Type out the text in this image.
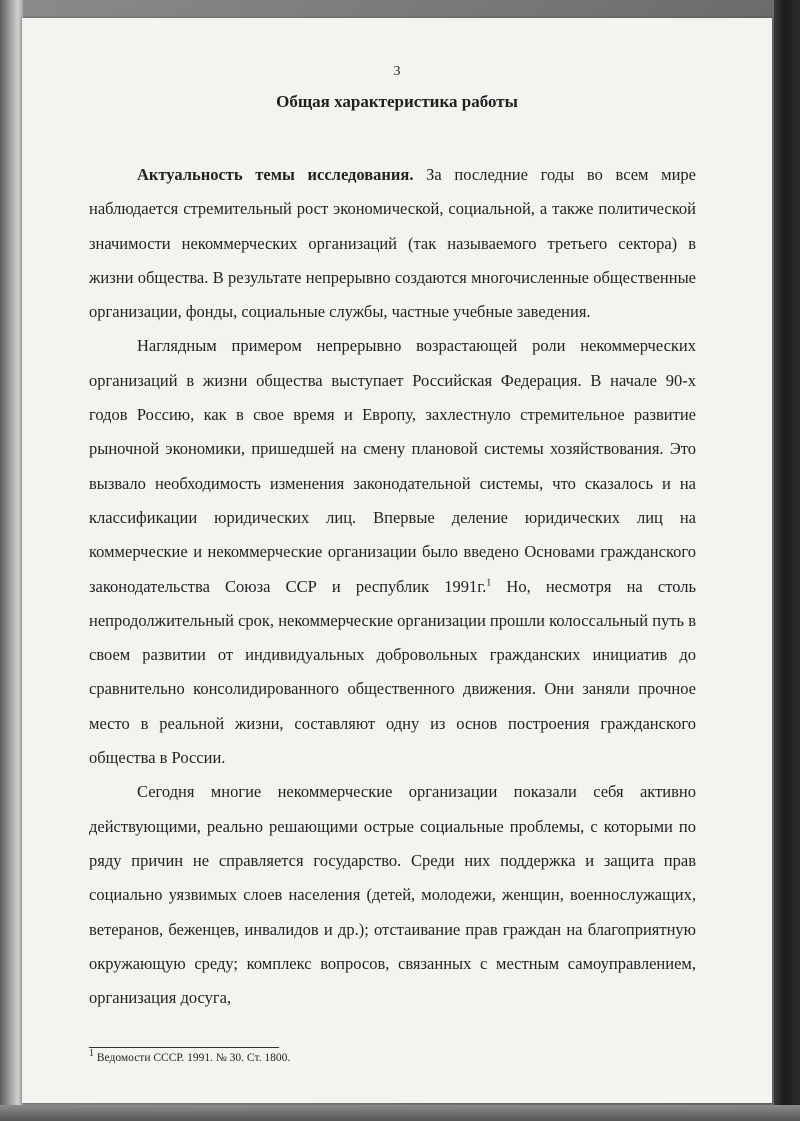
3
Общая характеристика работы

Актуальность темы исследования. За последние годы во всем мире наблюдается стремительный рост экономической, социальной, а также политической значимости некоммерческих организаций (так называемого третьего сектора) в жизни общества. В результате непрерывно создаются многочисленные общественные организации, фонды, социальные службы, частные учебные заведения.

Наглядным примером непрерывно возрастающей роли некоммерческих организаций в жизни общества выступает Российская Федерация. В начале 90-х годов Россию, как в свое время и Европу, захлестнуло стремительное развитие рыночной экономики, пришедшей на смену плановой системы хозяйствования. Это вызвало необходимость изменения законодательной системы, что сказалось и на классификации юридических лиц. Впервые деление юридических лиц на коммерческие и некоммерческие организации было введено Основами гражданского законодательства Союза ССР и республик 1991г.$^1$ Но, несмотря на столь непродолжительный срок, некоммерческие организации прошли колоссальный путь в своем развитии от индивидуальных добровольных гражданских инициатив до сравнительно консолидированного общественного движения. Они заняли прочное место в реальной жизни, составляют одну из основ построения гражданского общества в России.

Сегодня многие некоммерческие организации показали себя активно действующими, реально решающими острые социальные проблемы, с которыми по ряду причин не справляется государство. Среди них поддержка и защита прав социально уязвимых слоев населения (детей, молодежи, женщин, военнослужащих, ветеранов, беженцев, инвалидов и др.); отстаивание прав граждан на благоприятную окружающую среду; комплекс вопросов, связанных с местным самоуправлением, организация досуга,

$^1$ Ведомости СССР. 1991. № 30. Ст. 1800.
